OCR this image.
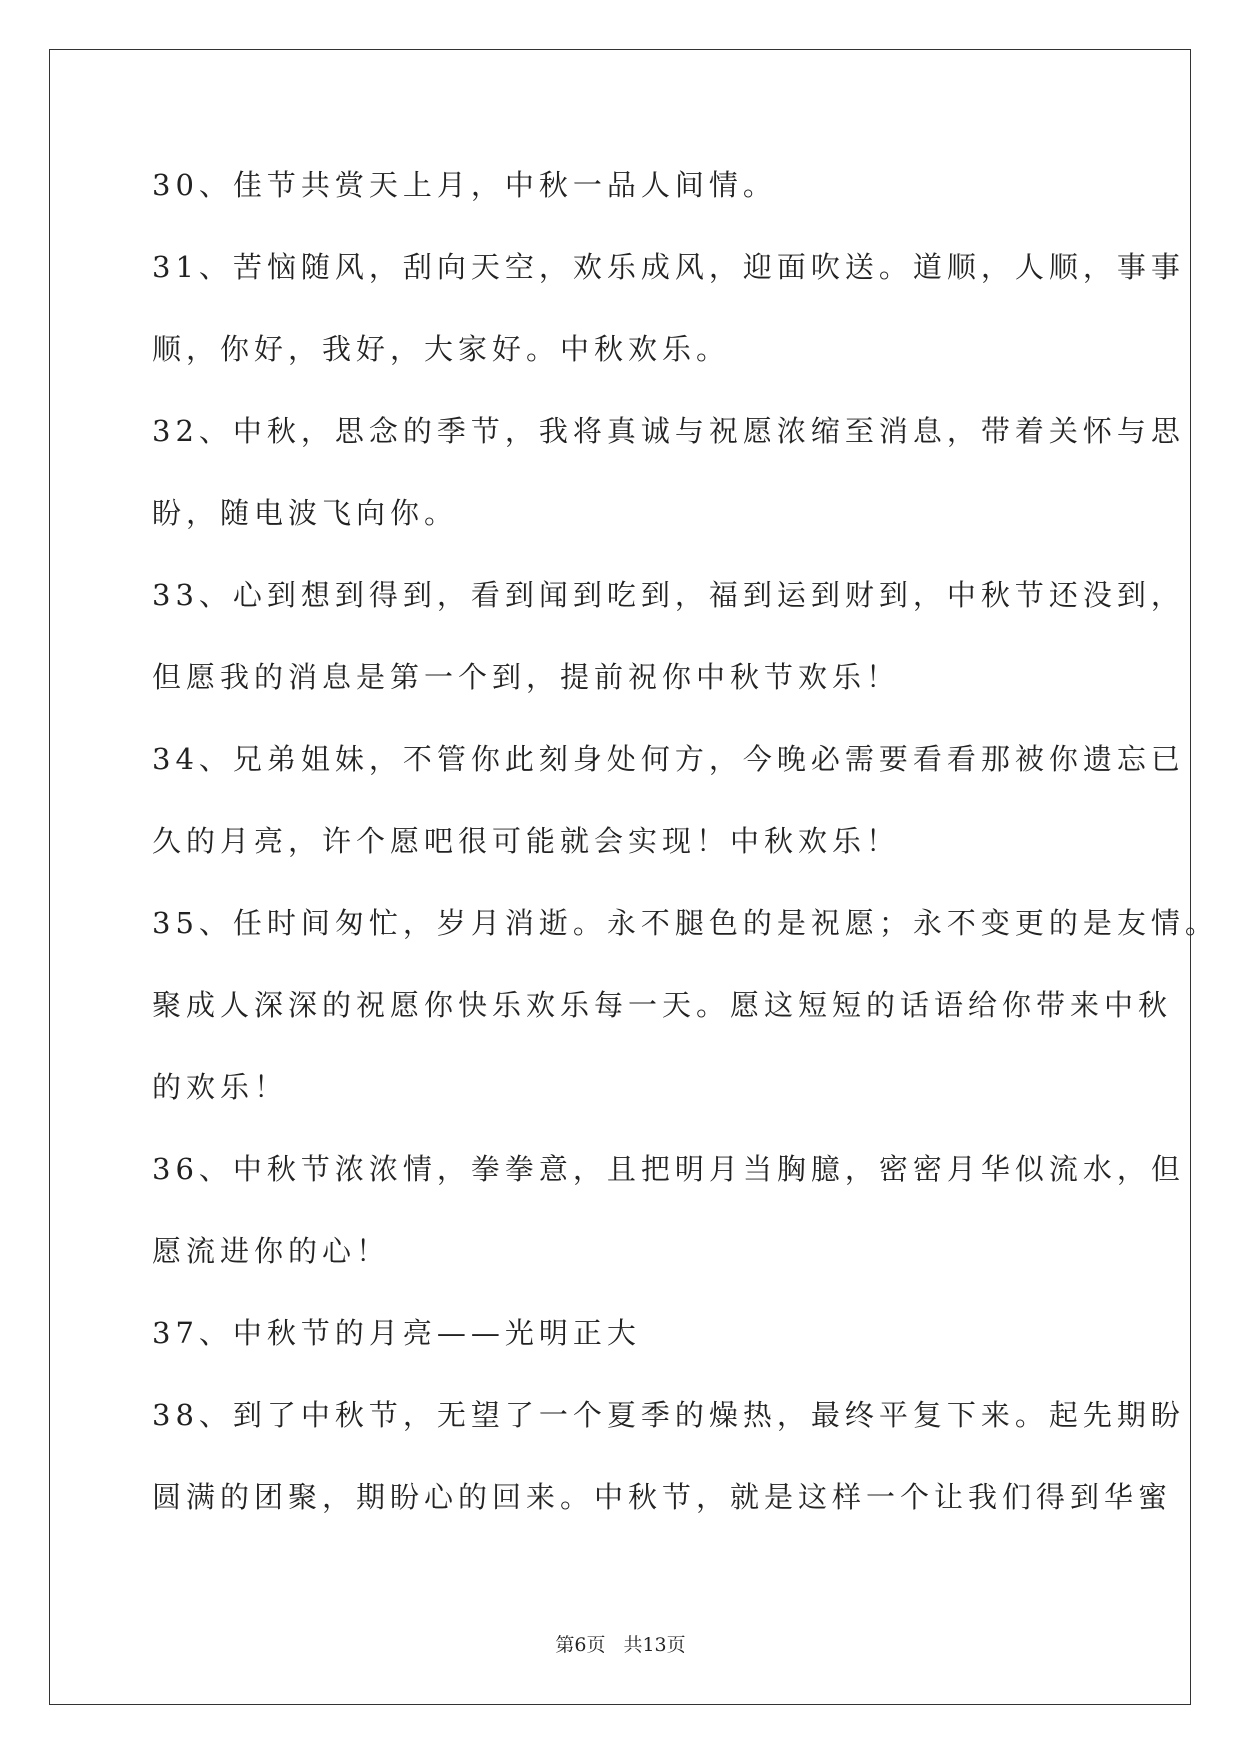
30、佳节共赏天上月，中秋一品人间情。
31、苦恼随风，刮向天空，欢乐成风，迎面吹送。道顺，人顺，事事
顺，你好，我好，大家好。中秋欢乐。
32、中秋，思念的季节，我将真诚与祝愿浓缩至消息，带着关怀与思
盼，随电波飞向你。
33、心到想到得到，看到闻到吃到，福到运到财到，中秋节还没到，
但愿我的消息是第一个到，提前祝你中秋节欢乐！
34、兄弟姐妹，不管你此刻身处何方，今晚必需要看看那被你遗忘已
久的月亮，许个愿吧很可能就会实现！中秋欢乐！
35、任时间匆忙，岁月消逝。永不腿色的是祝愿；永不变更的是友情。
聚成人深深的祝愿你快乐欢乐每一天。愿这短短的话语给你带来中秋
的欢乐！
36、中秋节浓浓情，拳拳意，且把明月当胸臆，密密月华似流水，但
愿流进你的心！
37、中秋节的月亮——光明正大
38、到了中秋节，无望了一个夏季的燥热，最终平复下来。起先期盼
圆满的团聚，期盼心的回来。中秋节，就是这样一个让我们得到华蜜
第6页 共13页
